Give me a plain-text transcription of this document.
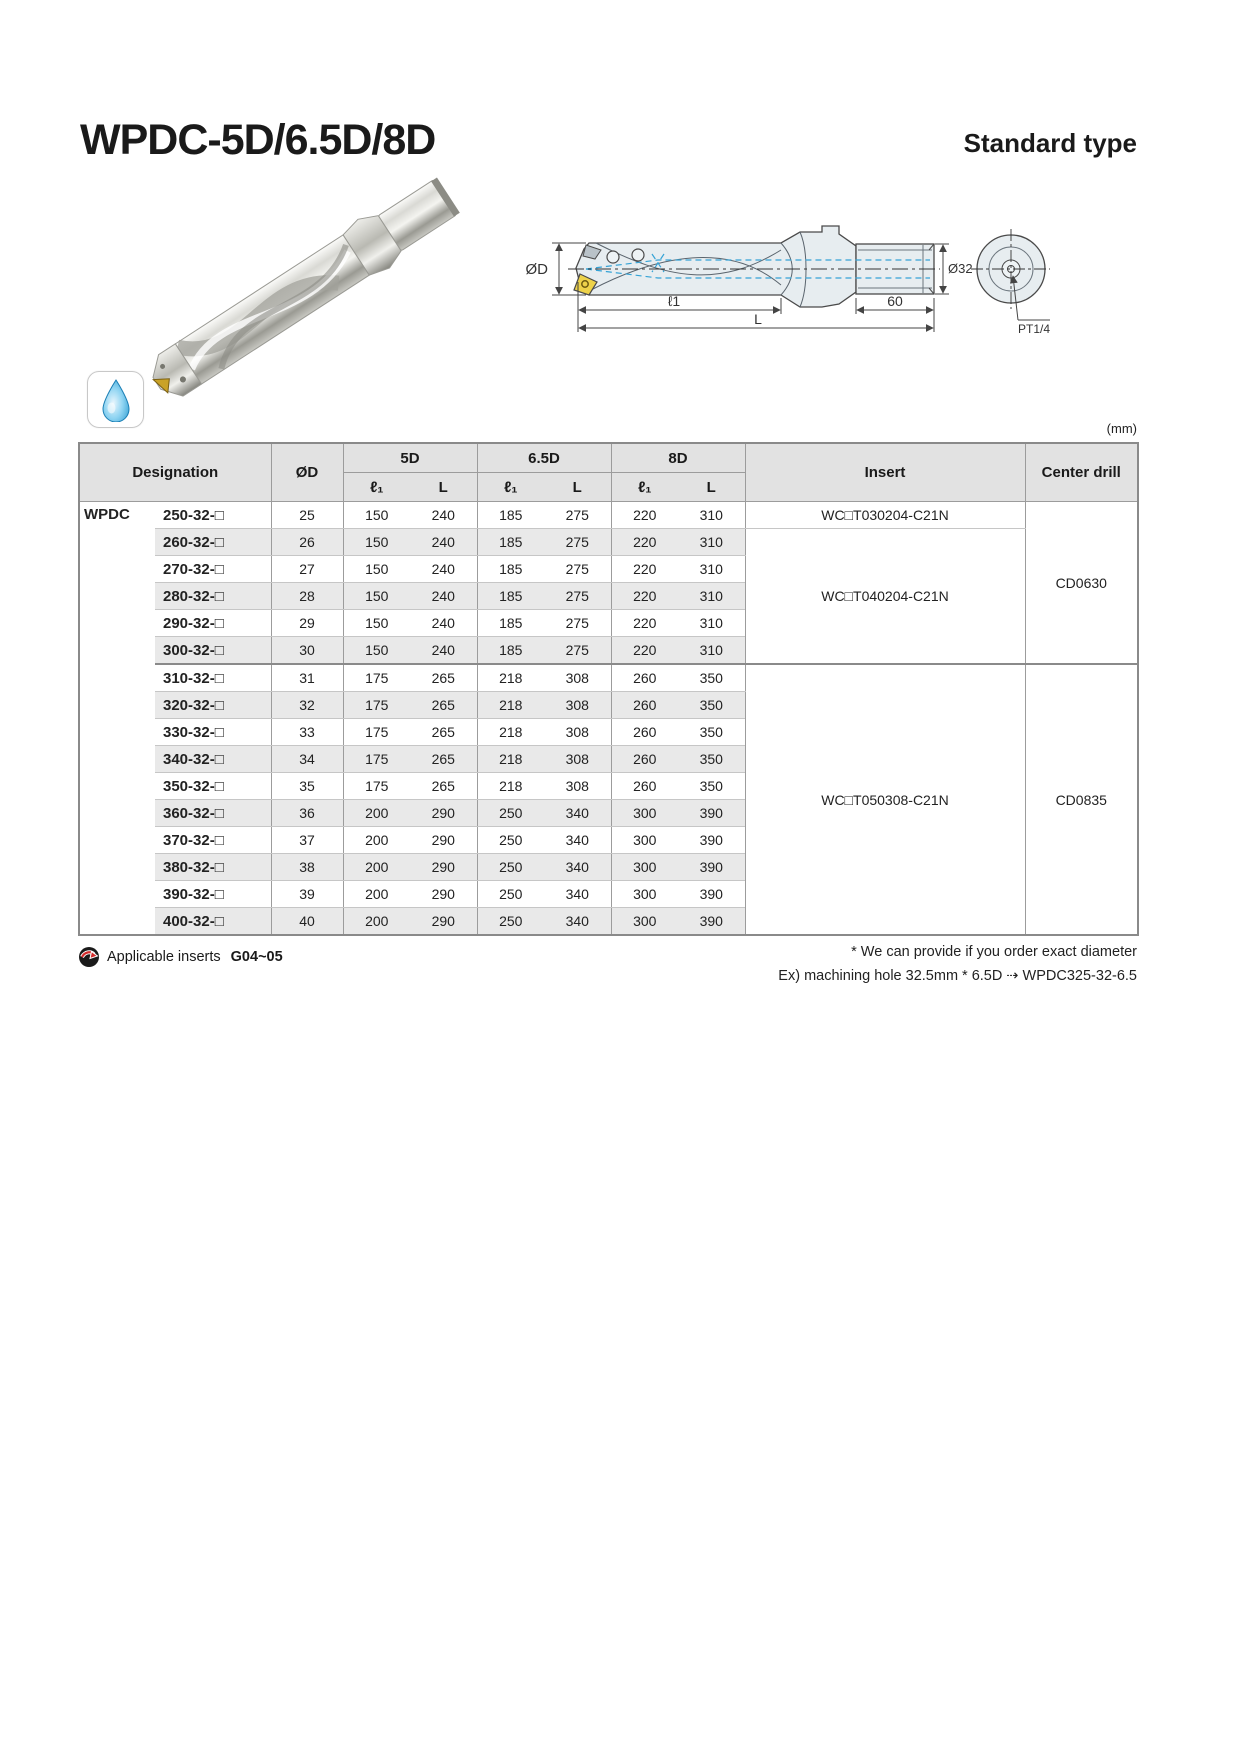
WPDC-5D/6.5D/8D	Standard type
ØD
ℓ1	60
L
Ø32
PT1/4
(mm)
Designation		ØD	5D		6.5D		8D		Insert	Center drill
			ℓ₁	L	ℓ₁	L	ℓ₁	L		
WPDC	250-32-□	25	150	240	185	275	220	310	WC□T030204-C21N	CD0630
	260-32-□	26	150	240	185	275	220	310	WC□T040204-C21N	
	270-32-□	27	150	240	185	275	220	310		
	280-32-□	28	150	240	185	275	220	310		
	290-32-□	29	150	240	185	275	220	310		
	300-32-□	30	150	240	185	275	220	310		
	310-32-□	31	175	265	218	308	260	350	WC□T050308-C21N	CD0835
	320-32-□	32	175	265	218	308	260	350		
	330-32-□	33	175	265	218	308	260	350		
	340-32-□	34	175	265	218	308	260	350		
	350-32-□	35	175	265	218	308	260	350		
	360-32-□	36	200	290	250	340	300	390		
	370-32-□	37	200	290	250	340	300	390		
	380-32-□	38	200	290	250	340	300	390		
	390-32-□	39	200	290	250	340	300	390		
	400-32-□	40	200	290	250	340	300	390		
Applicable inserts G04~05	* We can provide if you order exact diameter
Ex) machining hole 32.5mm * 6.5D ⇢ WPDC325-32-6.5
